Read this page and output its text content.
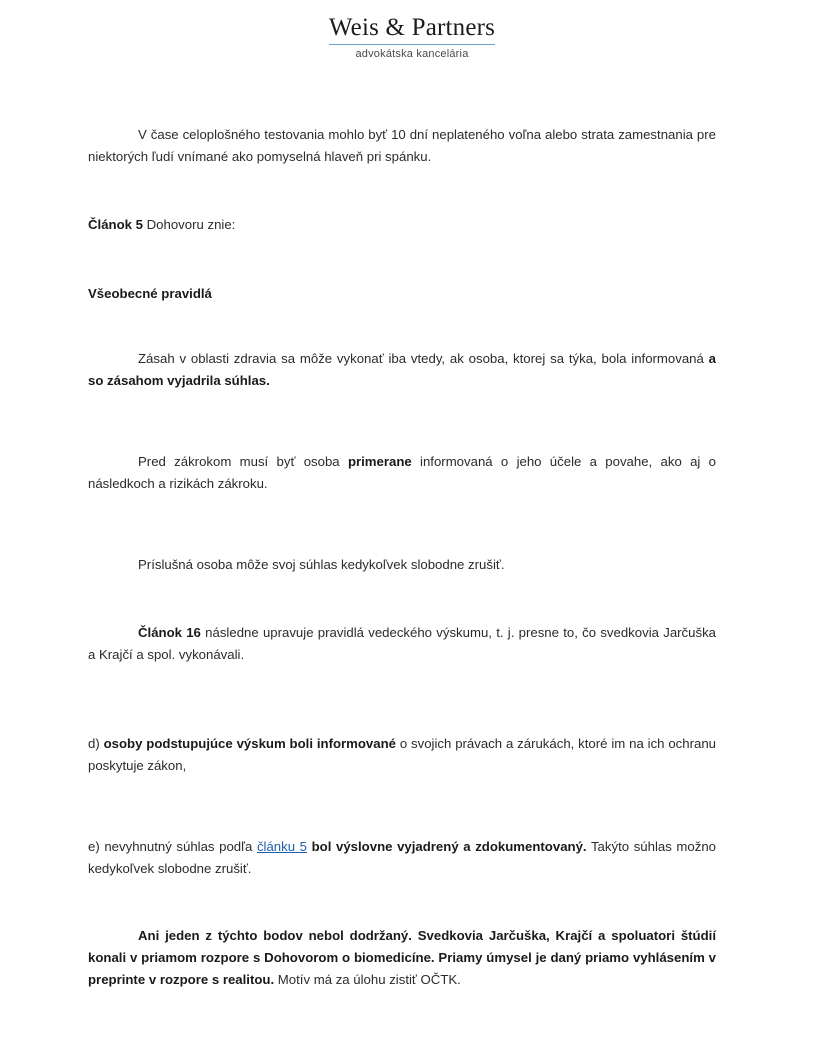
Weis & Partners
advokátska kancelária

V čase celoplošného testovania mohlo byť 10 dní neplateného voľna alebo strata zamestnania pre niektorých ľudí vnímané ako pomyselná hlaveň pri spánku.

Článok 5 Dohovoru znie:

Všeobecné pravidlá

Zásah v oblasti zdravia sa môže vykonať iba vtedy, ak osoba, ktorej sa týka, bola informovaná a so zásahom vyjadrila súhlas.

Pred zákrokom musí byť osoba primerane informovaná o jeho účele a povahe, ako aj o následkoch a rizikách zákroku.

Príslušná osoba môže svoj súhlas kedykoľvek slobodne zrušiť.

Článok 16 následne upravuje pravidlá vedeckého výskumu, t. j. presne to, čo svedkovia Jarčuška a Krajčí a spol. vykonávali.

d) osoby podstupujúce výskum boli informované o svojich právach a zárukách, ktoré im na ich ochranu poskytuje zákon,

e) nevyhnutný súhlas podľa článku 5 bol výslovne vyjadrený a zdokumentovaný. Takýto súhlas možno kedykoľvek slobodne zrušiť.

Ani jeden z týchto bodov nebol dodržaný. Svedkovia Jarčuška, Krajčí a spoluatori štúdií konali v priamom rozpore s Dohovorom o biomedicíne. Priamy úmysel je daný priamo vyhlásením v preprinte v rozpore s realitou. Motív má za úlohu zistiť OČTK.
